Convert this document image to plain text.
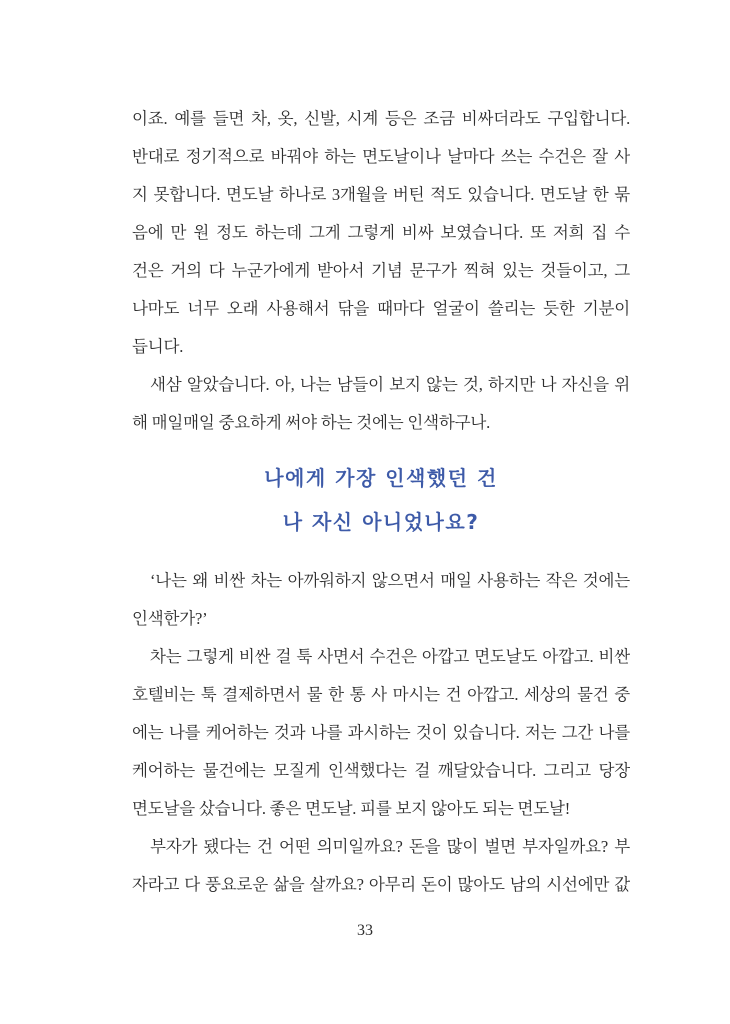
이죠. 예를 들면 차, 옷, 신발, 시계 등은 조금 비싸더라도 구입합니다.
반대로 정기적으로 바꿔야 하는 면도날이나 날마다 쓰는 수건은 잘 사
지 못합니다. 면도날 하나로 3개월을 버틴 적도 있습니다. 면도날 한 묶
음에 만 원 정도 하는데 그게 그렇게 비싸 보였습니다. 또 저희 집 수
건은 거의 다 누군가에게 받아서 기념 문구가 찍혀 있는 것들이고, 그
나마도 너무 오래 사용해서 닦을 때마다 얼굴이 쓸리는 듯한 기분이
듭니다.
새삼 알았습니다. 아, 나는 남들이 보지 않는 것, 하지만 나 자신을 위
해 매일매일 중요하게 써야 하는 것에는 인색하구나.
나에게 가장 인색했던 건
나 자신 아니었나요?
‘나는 왜 비싼 차는 아까워하지 않으면서 매일 사용하는 작은 것에는
인색한가?’
차는 그렇게 비싼 걸 툭 사면서 수건은 아깝고 면도날도 아깝고. 비싼
호텔비는 툭 결제하면서 물 한 통 사 마시는 건 아깝고. 세상의 물건 중
에는 나를 케어하는 것과 나를 과시하는 것이 있습니다. 저는 그간 나를
케어하는 물건에는 모질게 인색했다는 걸 깨달았습니다. 그리고 당장
면도날을 샀습니다. 좋은 면도날. 피를 보지 않아도 되는 면도날!
부자가 됐다는 건 어떤 의미일까요? 돈을 많이 벌면 부자일까요? 부
자라고 다 풍요로운 삶을 살까요? 아무리 돈이 많아도 남의 시선에만 값
33
